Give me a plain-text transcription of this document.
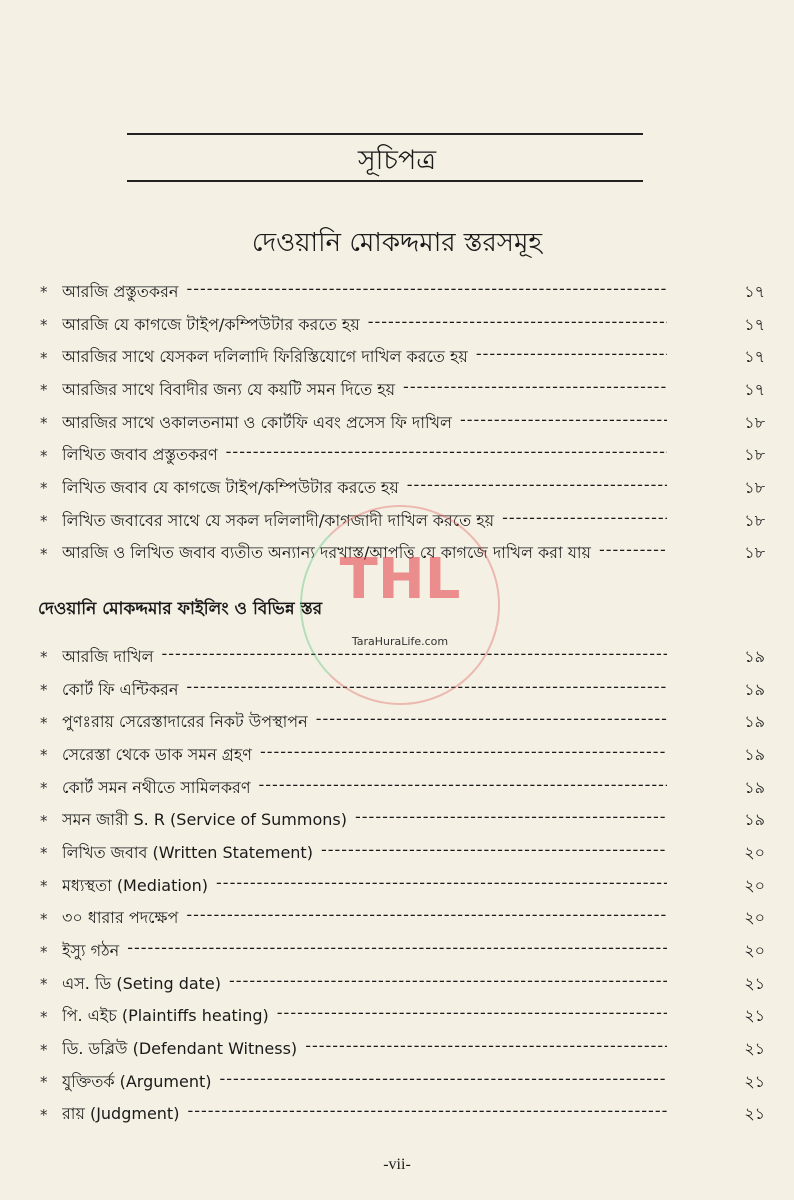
সূচিপত্র
দেওয়ানি মোকদ্দমার স্তরসমূহ
* আরজি প্রস্তুতকরন -----	১৭
* আরজি যে কাগজে টাইপ/কম্পিউটার করতে হয় -----	১৭
* আরজির সাথে যেসকল দলিলাদি ফিরিস্তিযোগে দাখিল করতে হয় -----	১৭
* আরজির সাথে বিবাদীর জন্য যে কয়টি সমন দিতে হয় -----	১৭
* আরজির সাথে ওকালতনামা ও কোর্টফি এবং প্রসেস ফি দাখিল -----	১৮
* লিখিত জবাব প্রস্তুতকরণ -----	১৮
* লিখিত জবাব যে কাগজে টাইপ/কম্পিউটার করতে হয় -----	১৮
* লিখিত জবাবের সাথে যে সকল দলিলাদী/কাগজাদী দাখিল করতে হয় -----	১৮
* আরজি ও লিখিত জবাব ব্যতীত অন্যান্য দরখাস্ত/আপত্তি যে কাগজে দাখিল করা যায় -----	১৮
দেওয়ানি মোকদ্দমার ফাইলিং ও বিভিন্ন স্তর
* আরজি দাখিল -----	১৯
* কোর্ট ফি এন্টিকরন -----	১৯
* পুণঃরায় সেরেস্তাদারের নিকট উপস্থাপন -----	১৯
* সেরেস্তা থেকে ডাক সমন গ্রহণ -----	১৯
* কোর্ট সমন নথীতে সামিলকরণ -----	১৯
* সমন জারী S. R (Service of Summons) -----	১৯
* লিখিত জবাব (Written Statement) -----	২০
* মধ্যস্থতা (Mediation) -----	২০
* ৩০ ধারার পদক্ষেপ -----	২০
* ইস্যু গঠন -----	২০
* এস. ডি (Seting date) -----	২১
* পি. এইচ (Plaintiffs heating) -----	২১
* ডি. ডব্লিউ (Defendant Witness) -----	২১
* যুক্তিতর্ক (Argument) -----	২১
* রায় (Judgment) -----	২১
THL
TaraHuraLife.com
-vii-
